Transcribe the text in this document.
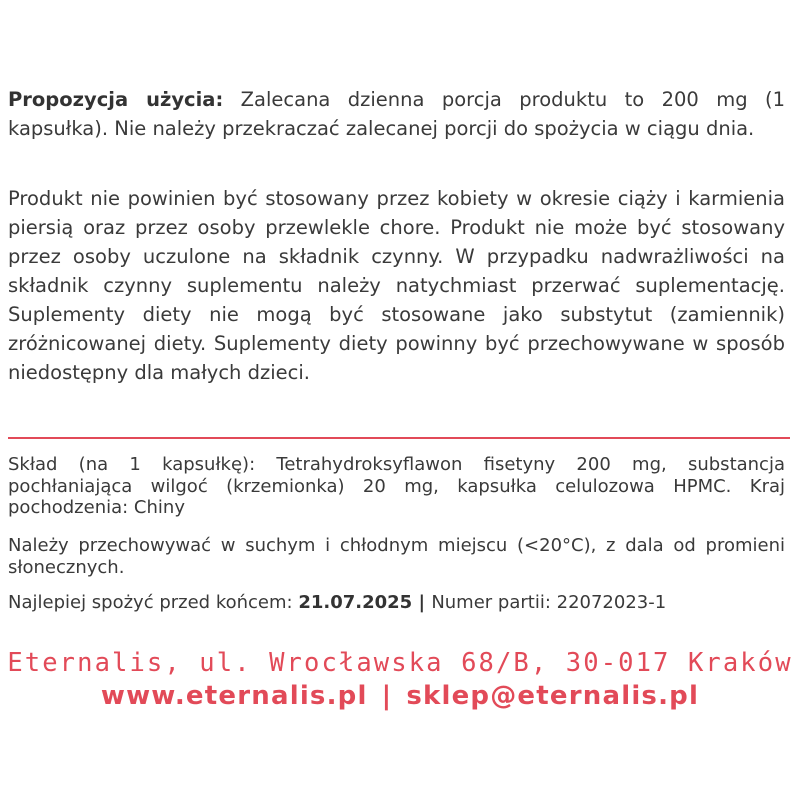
Propozycja użycia: Zalecana dzienna porcja produktu to 200 mg (1 kapsułka). Nie należy przekraczać zalecanej porcji do spożycia w ciągu dnia.

Produkt nie powinien być stosowany przez kobiety w okresie ciąży i karmienia piersią oraz przez osoby przewlekle chore. Produkt nie może być stosowany przez osoby uczulone na składnik czynny. W przypadku nadwrażliwości na składnik czynny suplementu należy natychmiast przerwać suplementację. Suplementy diety nie mogą być stosowane jako substytut (zamiennik) zróżnicowanej diety. Suplementy diety powinny być przechowywane w sposób niedostępny dla małych dzieci.

Skład (na 1 kapsułkę): Tetrahydroksyflawon fisetyny 200 mg, substancja pochłaniająca wilgoć (krzemionka) 20 mg, kapsułka celulozowa HPMC. Kraj pochodzenia: Chiny

Należy przechowywać w suchym i chłodnym miejscu (<20°C), z dala od promieni słonecznych.

Najlepiej spożyć przed końcem: 21.07.2025 | Numer partii: 22072023-1
Eternalis, ul. Wrocławska 68/B, 30-017 Kraków
www.eternalis.pl | sklep@eternalis.pl
